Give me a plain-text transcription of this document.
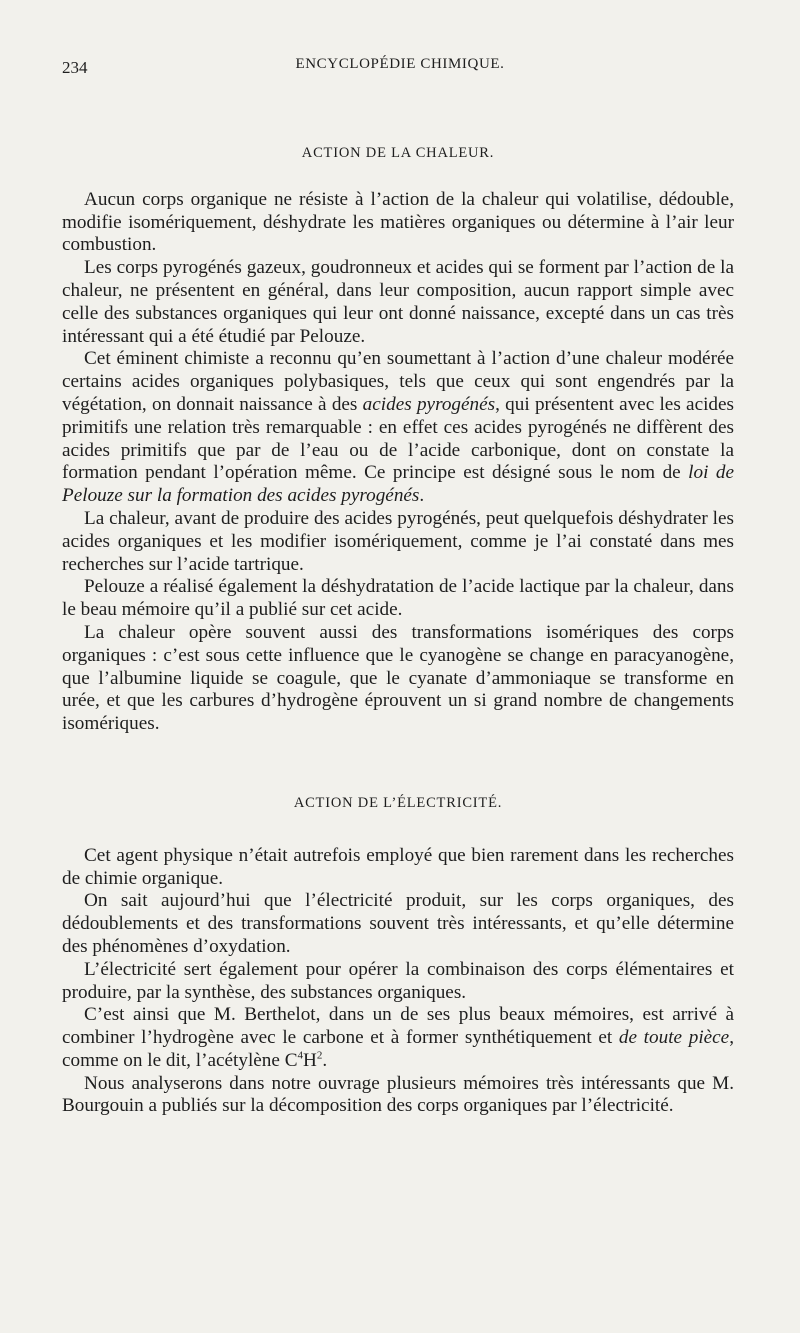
234	ENCYCLOPÉDIE CHIMIQUE.
ACTION DE LA CHALEUR.

Aucun corps organique ne résiste à l’action de la chaleur qui volatilise, dédouble, modifie isomériquement, déshydrate les matières organiques ou détermine à l’air leur combustion.

Les corps pyrogénés gazeux, goudronneux et acides qui se forment par l’action de la chaleur, ne présentent en général, dans leur composition, aucun rapport simple avec celle des substances organiques qui leur ont donné naissance, excepté dans un cas très intéressant qui a été étudié par Pelouze.

Cet éminent chimiste a reconnu qu’en soumettant à l’action d’une chaleur modérée certains acides organiques polybasiques, tels que ceux qui sont engendrés par la végétation, on donnait naissance à des acides pyrogénés, qui présentent avec les acides primitifs une relation très remarquable : en effet ces acides pyrogénés ne diffèrent des acides primitifs que par de l’eau ou de l’acide carbonique, dont on constate la formation pendant l’opération même. Ce principe est désigné sous le nom de loi de Pelouze sur la formation des acides pyrogénés.

La chaleur, avant de produire des acides pyrogénés, peut quelquefois déshydrater les acides organiques et les modifier isomériquement, comme je l’ai constaté dans mes recherches sur l’acide tartrique.

Pelouze a réalisé également la déshydratation de l’acide lactique par la chaleur, dans le beau mémoire qu’il a publié sur cet acide.

La chaleur opère souvent aussi des transformations isomériques des corps organiques : c’est sous cette influence que le cyanogène se change en paracyanogène, que l’albumine liquide se coagule, que le cyanate d’ammoniaque se transforme en urée, et que les carbures d’hydrogène éprouvent un si grand nombre de changements isomériques.

ACTION DE L’ÉLECTRICITÉ.

Cet agent physique n’était autrefois employé que bien rarement dans les recherches de chimie organique.

On sait aujourd’hui que l’électricité produit, sur les corps organiques, des dédoublements et des transformations souvent très intéressants, et qu’elle détermine des phénomènes d’oxydation.

L’électricité sert également pour opérer la combinaison des corps élémentaires et produire, par la synthèse, des substances organiques.

C’est ainsi que M. Berthelot, dans un de ses plus beaux mémoires, est arrivé à combiner l’hydrogène avec le carbone et à former synthétiquement et de toute pièce, comme on le dit, l’acétylène $C^4H^2$.

Nous analyserons dans notre ouvrage plusieurs mémoires très intéressants que M. Bourgouin a publiés sur la décomposition des corps organiques par l’électricité.
